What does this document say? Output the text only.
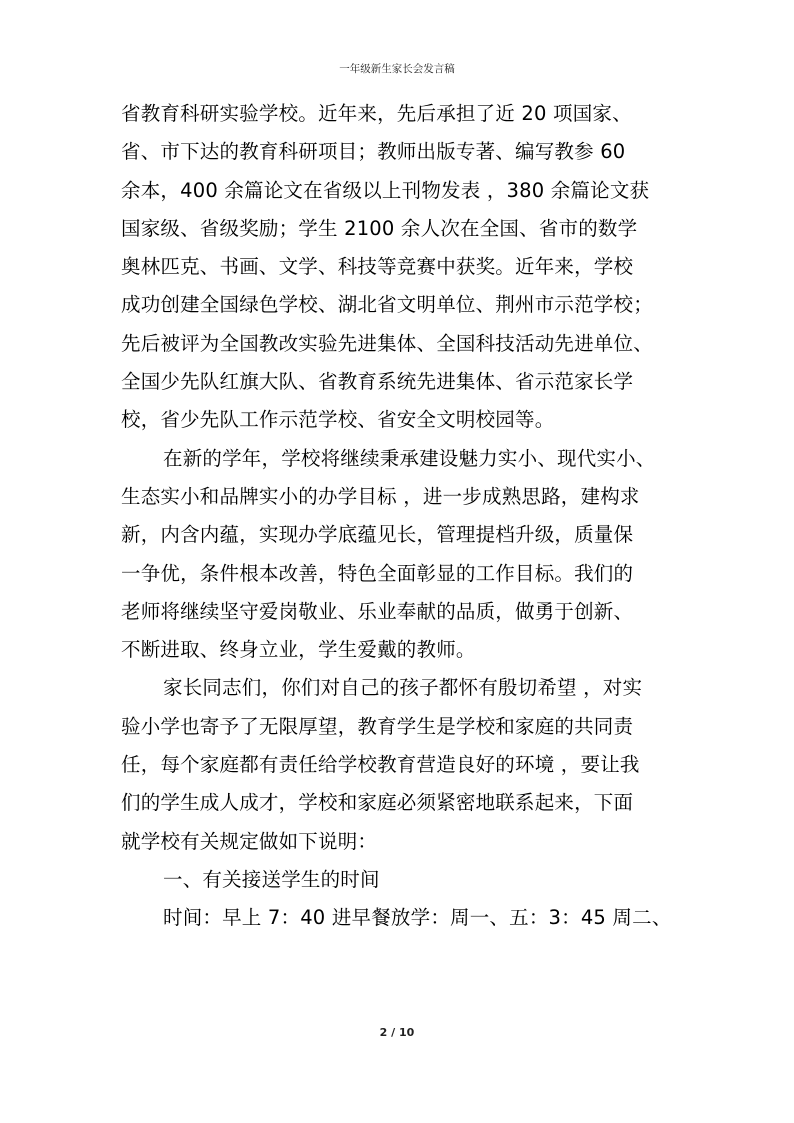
一年级新生家长会发言稿
省教育科研实验学校。近年来，先后承担了近 20 项国家、
省、市下达的教育科研项目；教师出版专著、编写教参 60
余本，400 余篇论文在省级以上刊物发表 ，380 余篇论文获
国家级、省级奖励；学生 2100 余人次在全国、省市的数学
奥林匹克、书画、文学、科技等竞赛中获奖。近年来，学校
成功创建全国绿色学校、湖北省文明单位、荆州市示范学校；
先后被评为全国教改实验先进集体、全国科技活动先进单位、
全国少先队红旗大队、省教育系统先进集体、省示范家长学
校，省少先队工作示范学校、省安全文明校园等。
在新的学年，学校将继续秉承建设魅力实小、现代实小、
生态实小和品牌实小的办学目标 ，进一步成熟思路，建构求
新，内含内蕴，实现办学底蕴见长，管理提档升级，质量保
一争优，条件根本改善，特色全面彰显的工作目标。我们的
老师将继续坚守爱岗敬业、乐业奉献的品质，做勇于创新、
不断进取、终身立业，学生爱戴的教师。
家长同志们，你们对自己的孩子都怀有殷切希望 ，对实
验小学也寄予了无限厚望，教育学生是学校和家庭的共同责
任，每个家庭都有责任给学校教育营造良好的环境 ，要让我
们的学生成人成才，学校和家庭必须紧密地联系起来，下面
就学校有关规定做如下说明：
一、有关接送学生的时间
时间：早上 7：40 进早餐放学：周一、五：3：45 周二、
2 / 10
